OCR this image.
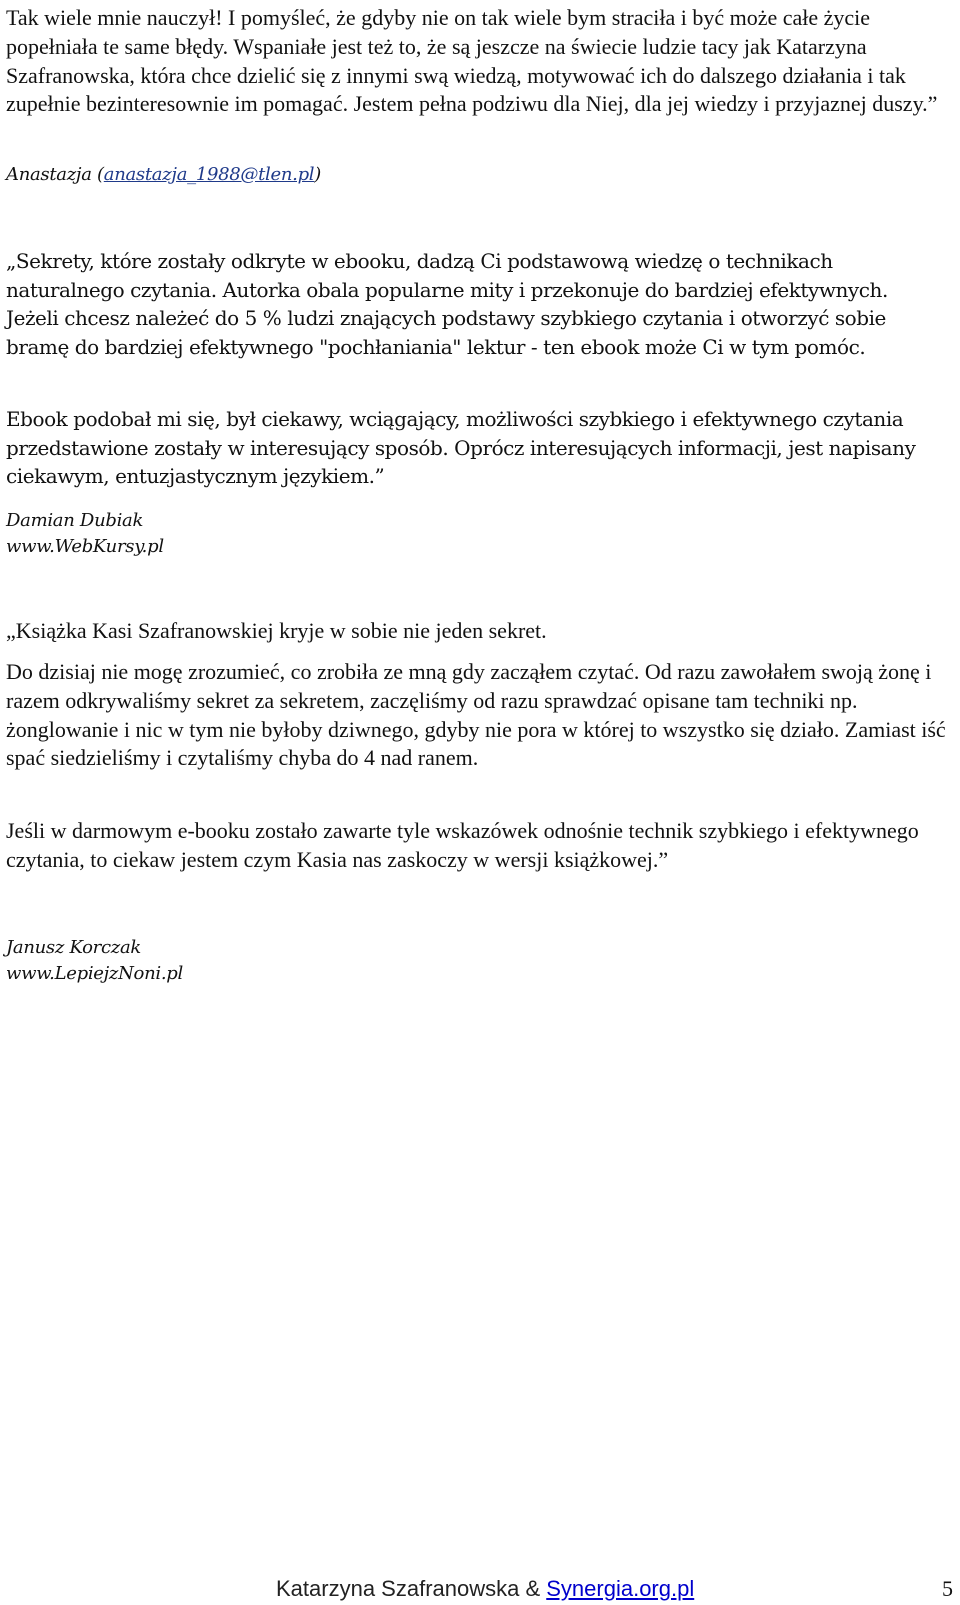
Tak wiele mnie nauczył! I pomyśleć, że gdyby nie on tak wiele bym straciła i być może całe życie popełniała te same błędy. Wspaniałe jest też to, że są jeszcze na świecie ludzie tacy jak Katarzyna Szafranowska, która chce dzielić się z innymi swą wiedzą, motywować ich do dalszego działania i tak zupełnie bezinteresownie im pomagać. Jestem pełna podziwu dla Niej, dla jej wiedzy i przyjaznej duszy.”

Anastazja (anastazja_1988@tlen.pl)

„Sekrety, które zostały odkryte w ebooku, dadzą Ci podstawową wiedzę o technikach naturalnego czytania. Autorka obala popularne mity i przekonuje do bardziej efektywnych. Jeżeli chcesz należeć do 5 % ludzi znających podstawy szybkiego czytania i otworzyć sobie bramę do bardziej efektywnego "pochłaniania" lektur - ten ebook może Ci w tym pomóc.

Ebook podobał mi się, był ciekawy, wciągający, możliwości szybkiego i efektywnego czytania przedstawione zostały w interesujący sposób. Oprócz interesujących informacji, jest napisany ciekawym, entuzjastycznym językiem.”

Damian Dubiak
www.WebKursy.pl

„Książka Kasi Szafranowskiej kryje w sobie nie jeden sekret.

Do dzisiaj nie mogę zrozumieć, co zrobiła ze mną gdy zacząłem czytać. Od razu zawołałem swoją żonę i razem odkrywaliśmy sekret za sekretem, zaczęliśmy od razu sprawdzać opisane tam techniki np. żonglowanie i nic w tym nie byłoby dziwnego, gdyby nie pora w której to wszystko się działo. Zamiast iść spać siedzieliśmy i czytaliśmy chyba do 4 nad ranem.

Jeśli w darmowym e-booku zostało zawarte tyle wskazówek odnośnie technik szybkiego i efektywnego czytania, to ciekaw jestem czym Kasia nas zaskoczy w wersji książkowej.”

Janusz Korczak
www.LepiejzNoni.pl
Katarzyna Szafranowska & Synergia.org.pl	5
